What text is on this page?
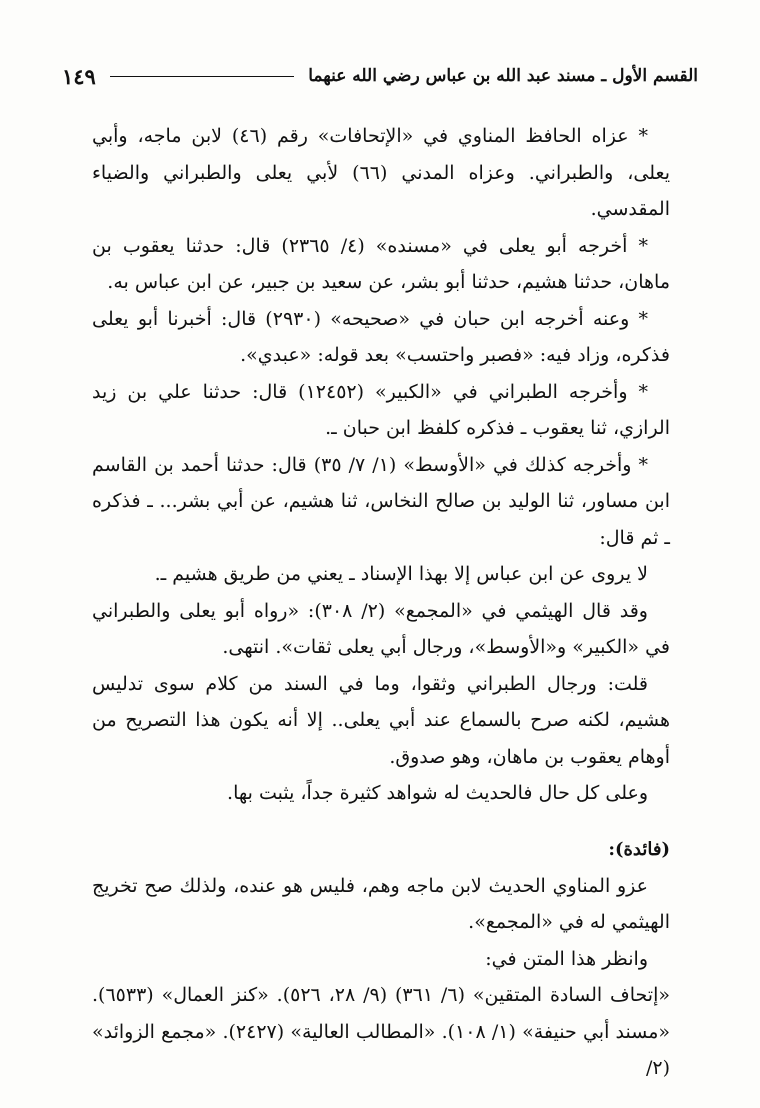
القسم الأول ـ مسند عبد الله بن عباس رضي الله عنهما
١٤٩

* عزاه الحافظ المناوي في «الإتحافات» رقم (٤٦) لابن ماجه، وأبي يعلى، والطبراني. وعزاه المدني (٦٦) لأبي يعلى والطبراني والضياء المقدسي.

* أخرجه أبو يعلى في «مسنده» (٤/ ٢٣٦٥) قال: حدثنا يعقوب بن ماهان، حدثنا هشيم، حدثنا أبو بشر، عن سعيد بن جبير، عن ابن عباس به.

* وعنه أخرجه ابن حبان في «صحيحه» (٢٩٣٠) قال: أخبرنا أبو يعلى فذكره، وزاد فيه: «فصبر واحتسب» بعد قوله: «عبدي».

* وأخرجه الطبراني في «الكبير» (١٢٤٥٢) قال: حدثنا علي بن زيد الرازي، ثنا يعقوب ـ فذكره كلفظ ابن حبان ـ.

* وأخرجه كذلك في «الأوسط» (١/ ٧/ ٣٥) قال: حدثنا أحمد بن القاسم ابن مساور، ثنا الوليد بن صالح النخاس، ثنا هشيم، عن أبي بشر... ـ فذكره ـ ثم قال:

لا يروى عن ابن عباس إلا بهذا الإسناد ـ يعني من طريق هشيم ـ.

وقد قال الهيثمي في «المجمع» (٢/ ٣٠٨): «رواه أبو يعلى والطبراني في «الكبير» و«الأوسط»، ورجال أبي يعلى ثقات». انتهى.

قلت: ورجال الطبراني وثقوا، وما في السند من كلام سوى تدليس هشيم، لكنه صرح بالسماع عند أبي يعلى.. إلا أنه يكون هذا التصريح من أوهام يعقوب بن ماهان، وهو صدوق.

وعلى كل حال فالحديث له شواهد كثيرة جداً، يثبت بها.

(فائدة):

عزو المناوي الحديث لابن ماجه وهم، فليس هو عنده، ولذلك صح تخريج الهيثمي له في «المجمع».

وانظر هذا المتن في:

«إتحاف السادة المتقين» (٦/ ٣٦١) (٩/ ٢٨، ٥٢٦). «كنز العمال» (٦٥٣٣). «مسند أبي حنيفة» (١/ ١٠٨). «المطالب العالية» (٢٤٢٧). «مجمع الزوائد» (٢/
